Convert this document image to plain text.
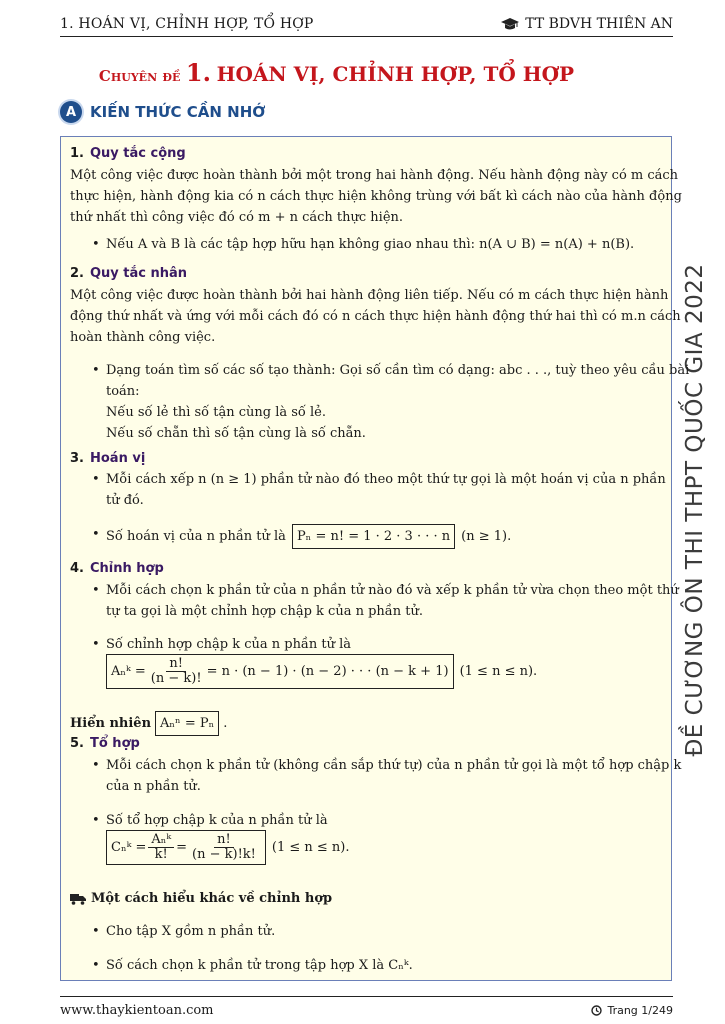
1. HOÁN VỊ, CHỈNH HỢP, TỔ HỢP	TT BDVH THIÊN AN
Chuyên đề 1. HOÁN VỊ, CHỈNH HỢP, TỔ HỢP
A KIẾN THỨC CẦN NHỚ
ĐỀ CƯƠNG ÔN THI THPT QUỐC GIA 2022
1. Quy tắc cộng
Một công việc được hoàn thành bởi một trong hai hành động. Nếu hành động này có m cách
thực hiện, hành động kia có n cách thực hiện không trùng với bất kì cách nào của hành động
thứ nhất thì công việc đó có m + n cách thực hiện.
• Nếu A và B là các tập hợp hữu hạn không giao nhau thì: n(A ∪ B) = n(A) + n(B).
2. Quy tắc nhân
Một công việc được hoàn thành bởi hai hành động liên tiếp. Nếu có m cách thực hiện hành
động thứ nhất và ứng với mỗi cách đó có n cách thực hiện hành động thứ hai thì có m.n cách
hoàn thành công việc.
• Dạng toán tìm số các số tạo thành: Gọi số cần tìm có dạng: abc . . ., tuỳ theo yêu cầu bài
toán:
Nếu số lẻ thì số tận cùng là số lẻ.
Nếu số chẵn thì số tận cùng là số chẵn.
3. Hoán vị
• Mỗi cách xếp n (n ≥ 1) phần tử nào đó theo một thứ tự gọi là một hoán vị của n phần
tử đó.
• Số hoán vị của n phần tử là Pₙ = n! = 1 · 2 · 3 · · · n (n ≥ 1).
4. Chỉnh hợp
• Mỗi cách chọn k phần tử của n phần tử nào đó và xếp k phần tử vừa chọn theo một thứ
tự ta gọi là một chỉnh hợp chập k của n phần tử.
• Số chỉnh hợp chập k của n phần tử là
Aₙᵏ = $\frac{n!}{(n - k)!} = n \cdot (n - 1) \cdot (n - 2)$ · · · (n − k + 1) (1 ≤ n ≤ n).
Hiển nhiên Aₙⁿ = Pₙ .
5. Tổ hợp
• Mỗi cách chọn k phần tử (không cần sắp thứ tự) của n phần tử gọi là một tổ hợp chập k
của n phần tử.
• Số tổ hợp chập k của n phần tử là
Cₙᵏ = $\frac{\text{Aₙᵏ}}{k!} = \frac{n!}{(n - k)!k!} (1 \le n \le n)$.
Một cách hiểu khác về chỉnh hợp
• Cho tập X gồm n phần tử.
• Số cách chọn k phần tử trong tập hợp X là Cₙᵏ.
www.thaykientoan.com	Trang 1/249
